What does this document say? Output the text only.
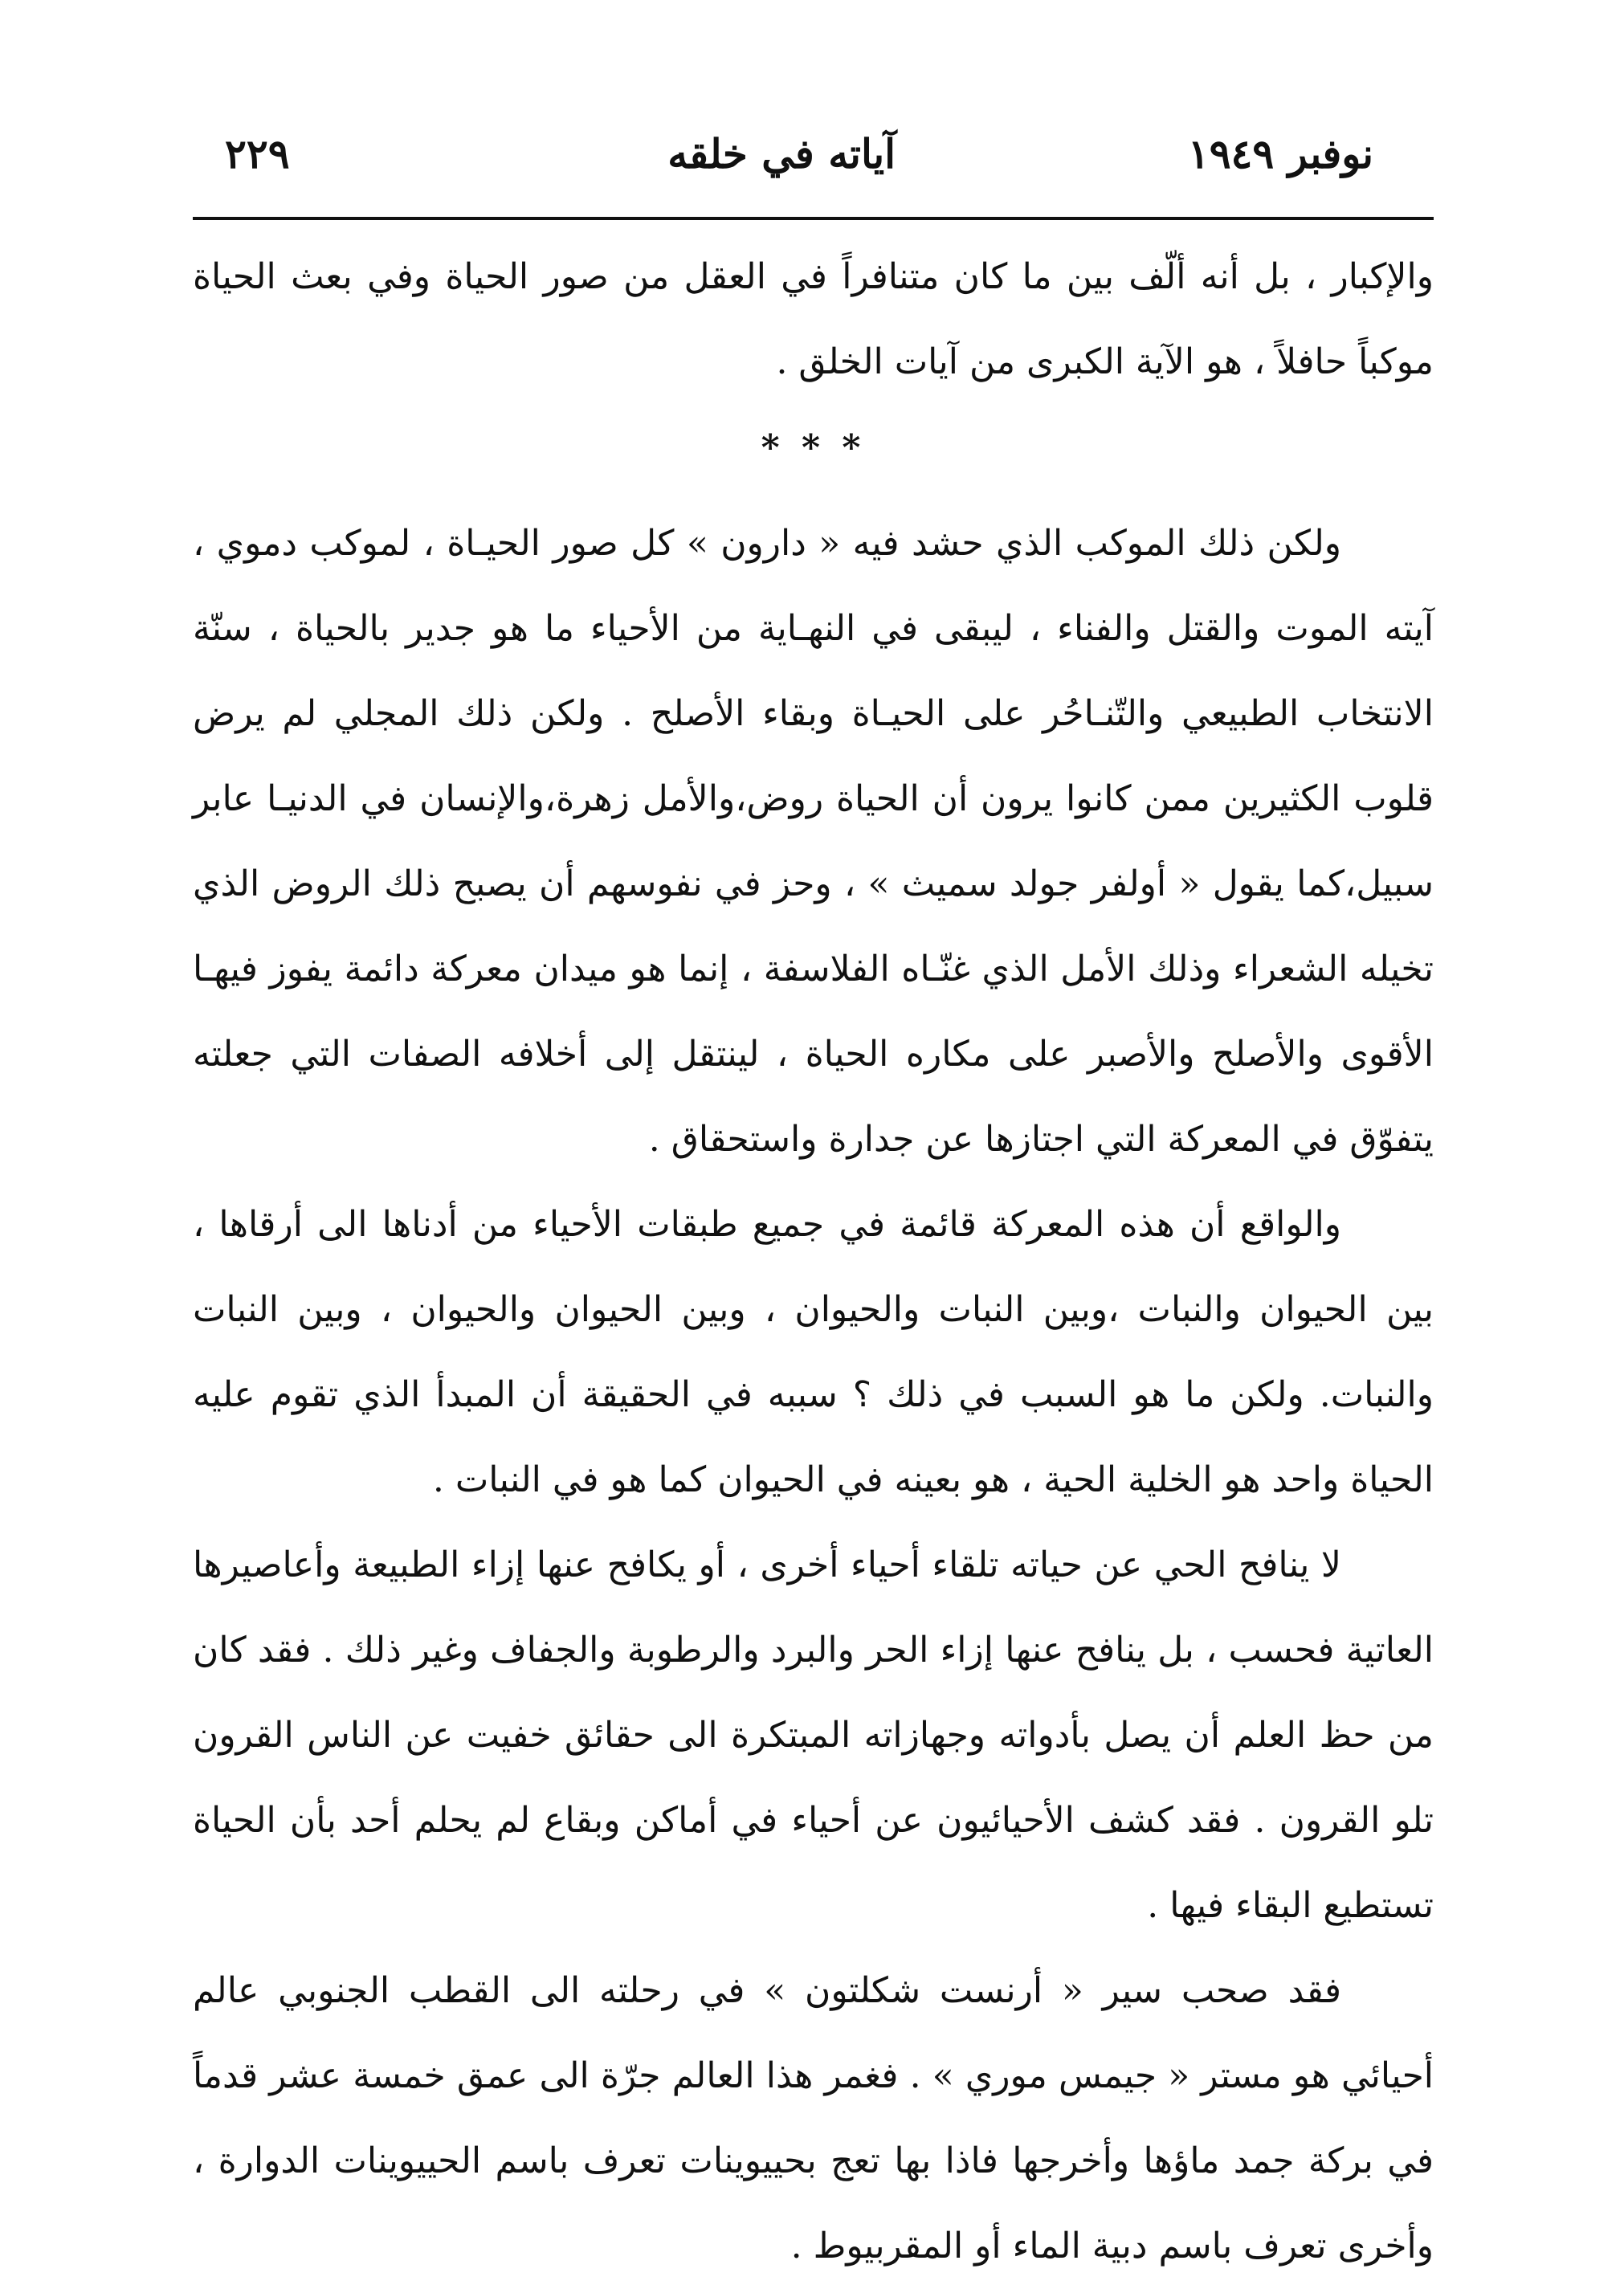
نوفبر ١٩٤٩
آياته في خلقه
٢٢٩

والإكبار ، بل أنه ألّف بين ما كان متنافراً في العقل من صور الحياة وفي بعث الحياة موكباً حافلاً ، هو الآية الكبرى من آيات الخلق .

* * *

ولكن ذلك الموكب الذي حشد فيه « دارون » كل صور الحيـاة ، لموكب دموي ، آيته الموت والقتل والفناء ، ليبقى في النهـاية من الأحياء ما هو جدير بالحياة ، سنّة الانتخاب الطبيعي والتّنـاحُر على الحيـاة وبقاء الأصلح . ولكن ذلك المجلي لم يرض قلوب الكثيرين ممن كانوا يرون أن الحياة روض،والأمل زهرة،والإنسان في الدنيـا عابر سبيل،كما يقول « أولفر جولد سميث » ، وحز في نفوسهم أن يصبح ذلك الروض الذي تخيله الشعراء وذلك الأمل الذي غنّـاه الفلاسفة ، إنما هو ميدان معركة دائمة يفوز فيهـا الأقوى والأصلح والأصبر على مكاره الحياة ، لينتقل إلى أخلافه الصفات التي جعلته يتفوّق في المعركة التي اجتازها عن جدارة واستحقاق .

والواقع أن هذه المعركة قائمة في جميع طبقات الأحياء من أدناها الى أرقاها ، بين الحيوان والنبات ،وبين النبات والحيوان ، وبين الحيوان والحيوان ، وبين النبات والنبات. ولكن ما هو السبب في ذلك ؟ سببه في الحقيقة أن المبدأ الذي تقوم عليه الحياة واحد هو الخلية الحية ، هو بعينه في الحيوان كما هو في النبات .

لا ينافح الحي عن حياته تلقاء أحياء أخرى ، أو يكافح عنها إزاء الطبيعة وأعاصيرها العاتية فحسب ، بل ينافح عنها إزاء الحر والبرد والرطوبة والجفاف وغير ذلك . فقد كان من حظ العلم أن يصل بأدواته وجهازاته المبتكرة الى حقائق خفيت عن الناس القرون تلو القرون . فقد كشف الأحيائيون عن أحياء في أماكن وبقاع لم يحلم أحد بأن الحياة تستطيع البقاء فيها .

فقد صحب سير « أرنست شكلتون » في رحلته الى القطب الجنوبي عالم أحيائي هو مستر « جيمس موري » . فغمر هذا العالم جرّة الى عمق خمسة عشر قدماً في بركة جمد ماؤها وأخرجها فاذا بها تعج بحييوينات تعرف باسم الحييوينات الدوارة ، وأخرى تعرف باسم دبية الماء أو المقربيوط .
